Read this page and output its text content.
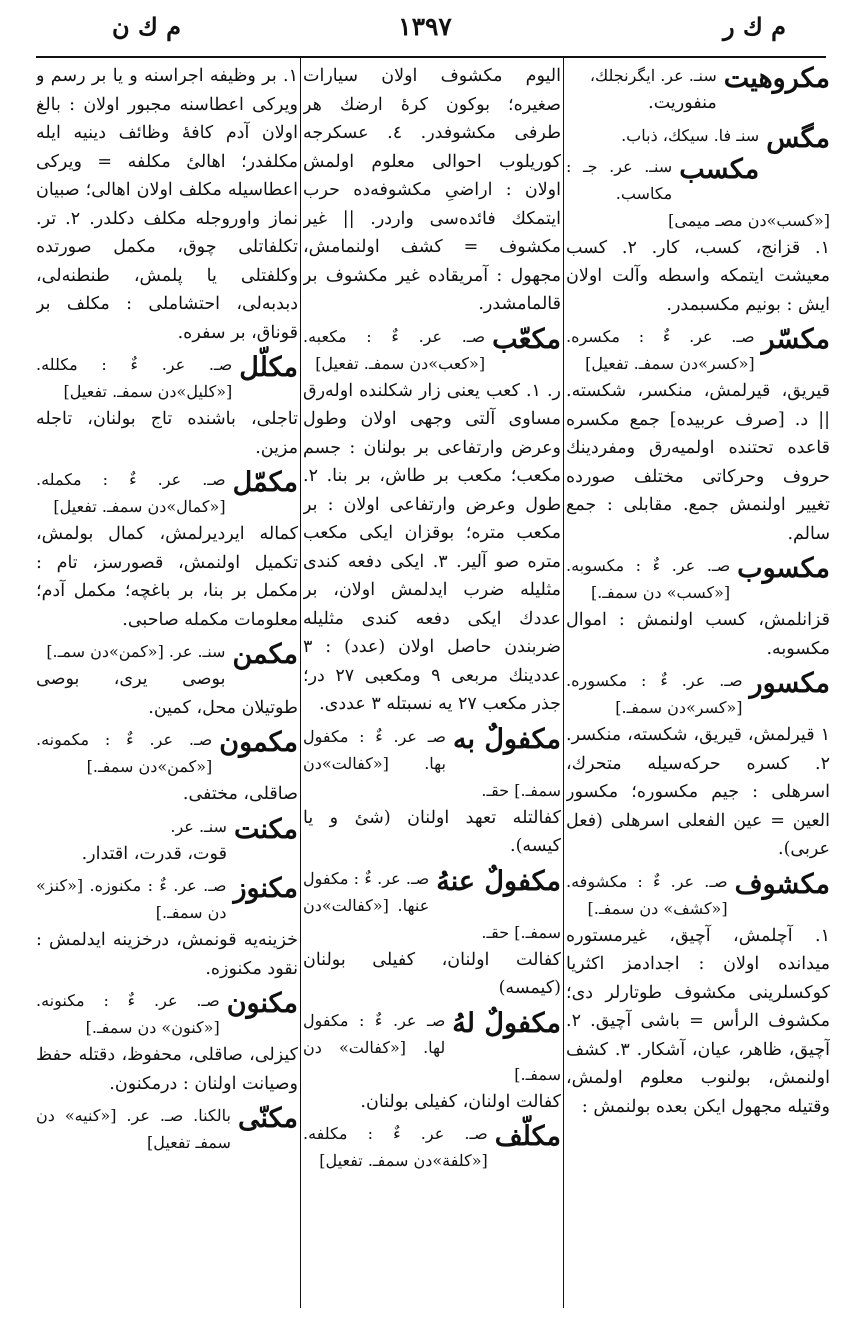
م ك ر
١٣٩٧
م ك ن
مكروهيت
سنـ. عر. ايگرنجلك،

منفوريت.

مگس
سنـ فا. سيكك، ذباب.
مكسب
سنـ. عر. جـ : مكاسب. [«كسب»دن مصـ ميمى]

١. قزانج، كسب، كار. ٢. كسب معيشت ايتمكه واسطه وآلت اولان ايش : بونيم مكسبمدر.

مكسّر
صـ. عر. ءٌ : مكسره. [«كسر»دن سمفـ. تفعيل]

قيريق، قيرلمش، منكسر، شكسته. || د. [صرف عربيده] جمع مكسره قاعده تحتنده اولميه‌رق ومفردينك حروف وحركاتى مختلف صورده تغيير اولنمش جمع. مقابلى : جمع سالم.

مكسوب
صـ. عر. ءٌ : مكسوبه. [«كسب» دن سمفـ.]

قزانلمش، كسب اولنمش : اموال مكسوبه.

مكسور
صـ. عر. ءٌ : مكسوره. [«كسر»دن سمفـ.]

١ قيرلمش، قيريق، شكسته، منكسر. ٢. كسره حركه‌سيله متحرك، اسرهلى : جيم مكسوره؛ مكسور العين = عين الفعلى اسرهلى (فعل عربى).

مكشوف
صـ. عر. ءٌ : مكشوفه. [«كشف» دن سمفـ.]

١. آچلمش، آچيق، غيرمستوره ميدانده اولان : اجدادمز اكثريا كوكسلرينى مكشوف طوتارلر دى؛ مكشوف الرأس = باشى آچيق. ٢. آچيق، ظاهر، عيان، آشكار. ٣. كشف اولنمش، بولنوب معلوم اولمش، وقتيله مجهول ايكن بعده بولنمش :

اليوم مكشوف اولان سيارات صغيره؛ بوكون كرهٔ ارضك هر طرفى مكشوفدر. ٤. عسكرجه كوريلوب احوالى معلوم اولمش اولان : اراضىِ مكشوفه‌ده حرب ايتمكك فائده‌سى واردر. || غير مكشوف = كشف اولنمامش، مجهول : آمريقاده غير مكشوف بر قالمامشدر.

مكعّب
صـ. عر. ءٌ : مكعبه. [«كعب»دن سمفـ. تفعيل]

ر. ١. كعب يعنى زار شكلنده اوله‌رق مساوى آلتى وجهى اولان وطول وعرض وارتفاعى بر بولنان : جسم مكعب؛ مكعب بر طاش، بر بنا. ٢. طول وعرض وارتفاعى اولان : بر مكعب متره؛ بوقزان ايكى مكعب متره صو آلير. ٣. ايكى دفعه كندى مثليله ضرب ايدلمش اولان، بر عددك ايكى دفعه كندى مثليله ضربندن حاصل اولان (عدد) : ٣ عددينك مربعى ٩ ومكعبى ٢٧ در؛ جذر مكعب ٢٧ يه نسبتله ٣ عددى.

مكفولٌ به
صـ عر. ءٌ : مكفول بها. [«كفالت»دن سمفـ.] حقـ.

كفالتله تعهد اولنان (شئ و يا كيسه).

مكفولٌ عنهُ
صـ. عر. ءٌ : مكفول عنها. [«كفالت»دن سمفـ.] حقـ.

كفالت اولنان، كفيلى بولنان (كيمسه)

مكفولٌ لهُ
صـ عر. ءٌ : مكفول لها. [«كفالت» دن سمفـ.]

كفالت اولنان، كفيلى بولنان.

مكلّف
صـ. عر. ءٌ : مكلفه. [«كلفة»دن سمفـ. تفعيل]

١. بر وظيفه اجراسنه و يا بر رسم و ويركى اعطاسنه مجبور اولان : بالغ اولان آدم كافهٔ وظائف دينيه ايله مكلفدر؛ اهالىٔ مكلفه = ويركى اعطاسيله مكلف اولان اهالى؛ صبيان نماز واوروجله مكلف دكلدر. ٢. تر. تكلفاتلى چوق، مكمل صورتده وكلفتلى يا پلمش، طنطنه‌لى، دبدبه‌لى، احتشاملى : مكلف بر قوناق، بر سفره.

مكلّل
صـ. عر. ءٌ : مكلله. [«كليل»دن سمفـ. تفعيل]

تاجلى، باشنده تاج بولنان، تاجله مزين.

مكمّل
صـ. عر. ءٌ : مكمله. [«كمال»دن سمفـ. تفعيل]

كماله ايرديرلمش، كمال بولمش، تكميل اولنمش، قصورسز، تام : مكمل بر بنا، بر باغچه؛ مكمل آدم؛ معلومات مكمله صاحبى.

مكمن
سنـ. عر. [«كمن»دن سمـ.]

بوصى يرى، بوصى طوتيلان محل، كمين.

مكمون
صـ. عر. ءٌ : مكمونه. [«كمن»دن سمفـ.]

صاقلى، مختفى.

مكنت
سنـ. عر.

قوت، قدرت، اقتدار.

مكنوز
صـ. عر. ءٌ : مكنوزه. [«كنز» دن سمفـ.]

خزينه‌يه قونمش، درخزينه ايدلمش : نقود مكنوزه.

مكنون
صـ. عر. ءٌ : مكنونه. [«كنون» دن سمفـ.]

كيزلى، صاقلى، محفوظ، دقتله حفظ وصيانت اولنان : درمكنون.

مكنّى
بالكنا. صـ. عر. [«كنيه» دن سمفـ تفعيل]
